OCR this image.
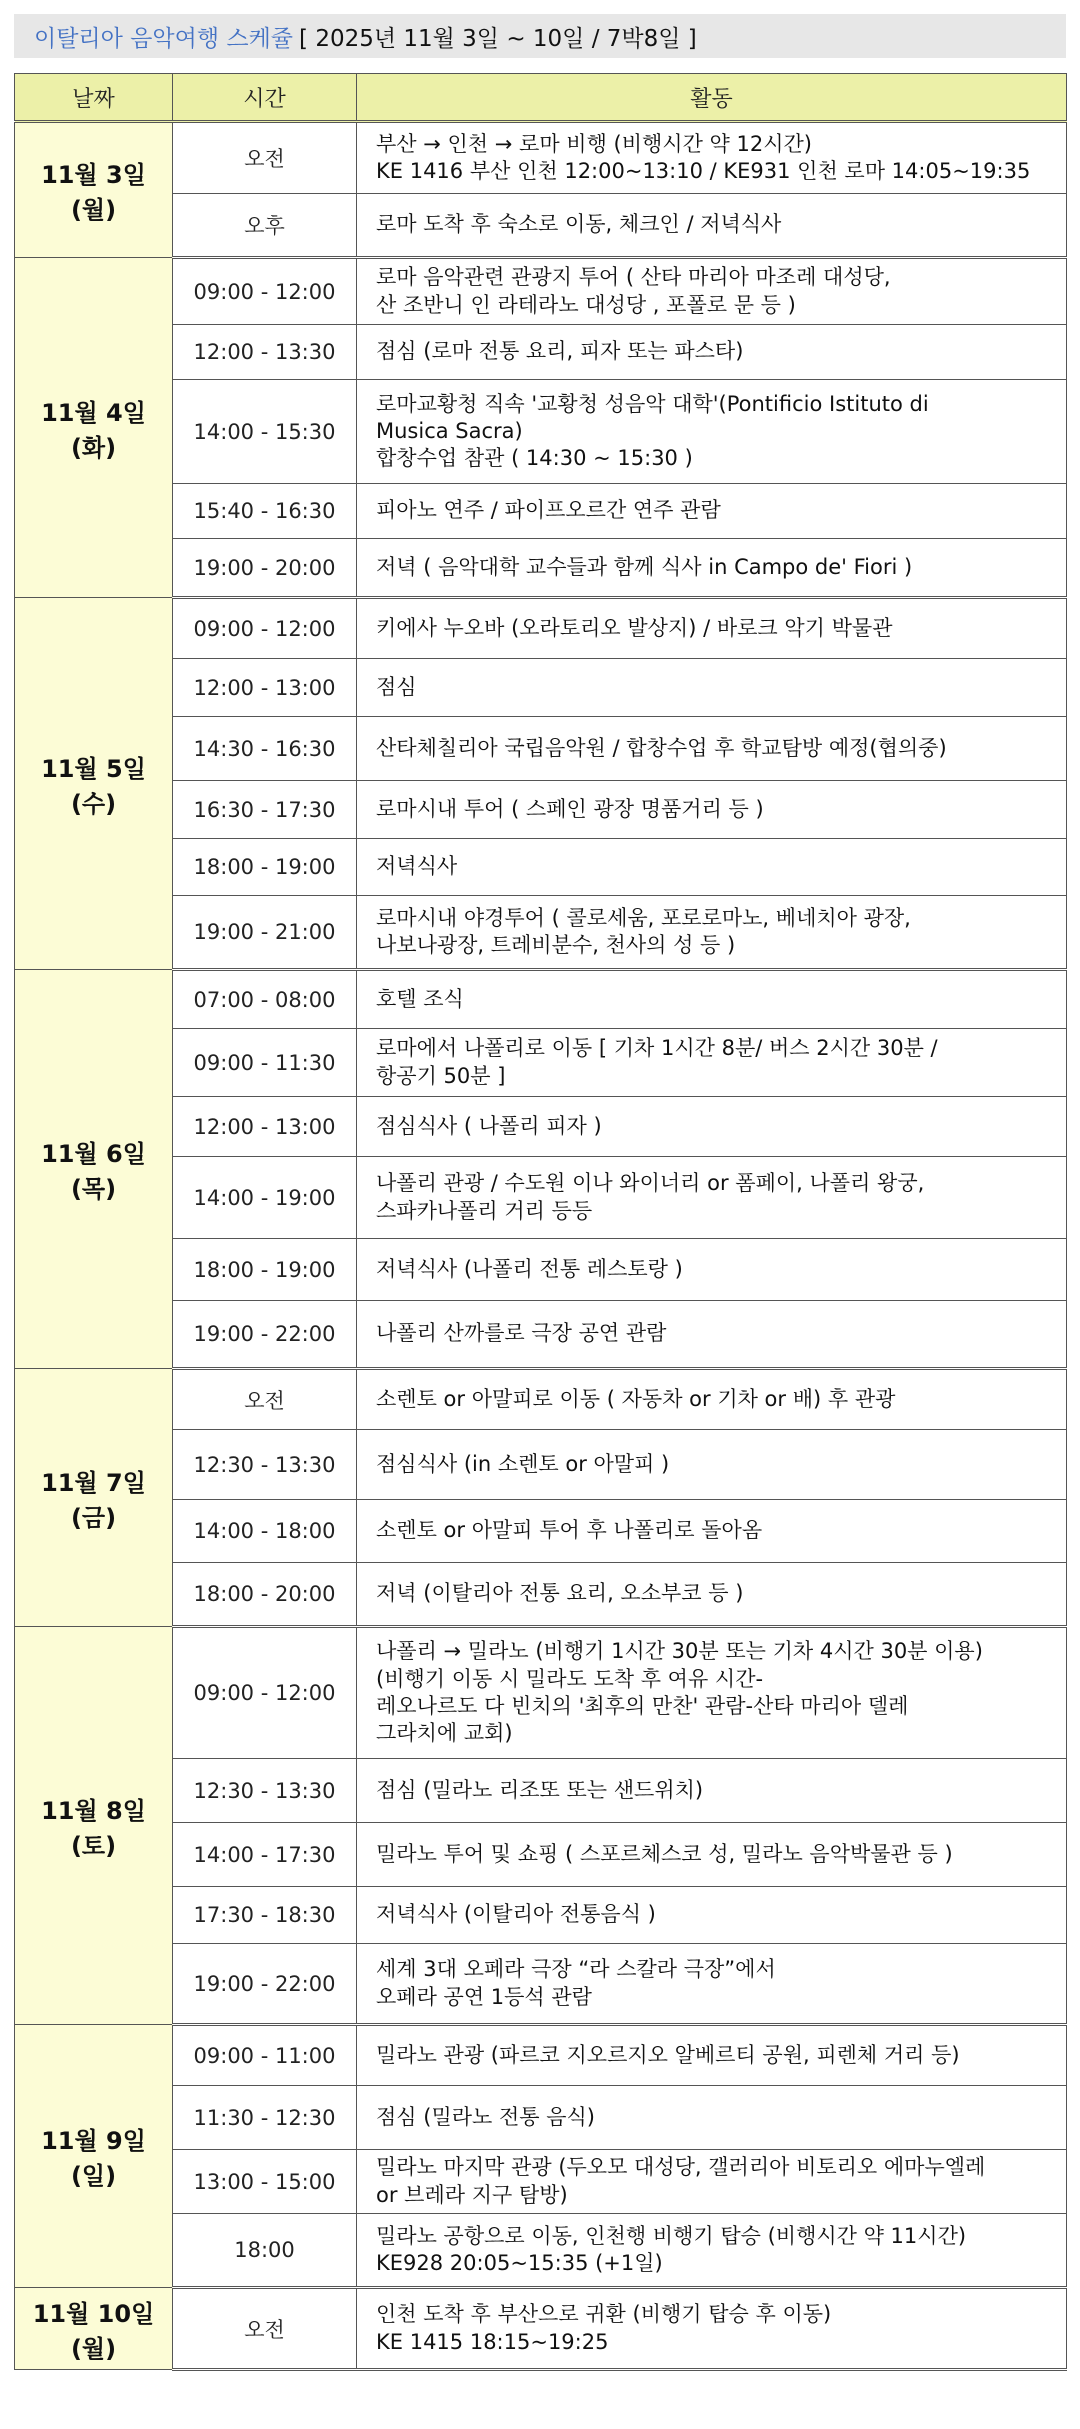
이탈리아 음악여행 스케쥴 [ 2025년 11월 3일 ~ 10일 / 7박8일 ]
날짜	시간	활동
11월 3일 (월)	오전	부산 → 인천 → 로마 비행 (비행시간 약 12시간)
KE 1416 부산 인천 12:00~13:10 / KE931 인천 로마 14:05~19:35

	오후	로마 도착 후 숙소로 이동, 체크인 / 저녁식사

11월 4일 (화)	09:00 - 12:00	로마 음악관련 관광지 투어 ( 산타 마리아 마조레 대성당,
산 조반니 인 라테라노 대성당 , 포폴로 문 등 )

	12:00 - 13:30	점심 (로마 전통 요리, 피자 또는 파스타)

	14:00 - 15:30	로마교황청 직속 '교황청 성음악 대학'(Pontificio Istituto di
Musica Sacra)
합창수업 참관 ( 14:30 ~ 15:30 )

	15:40 - 16:30	피아노 연주 / 파이프오르간 연주 관람

	19:00 - 20:00	저녁 ( 음악대학 교수들과 함께 식사 in Campo de' Fiori )

11월 5일 (수)	09:00 - 12:00	키에사 누오바 (오라토리오 발상지) / 바로크 악기 박물관

	12:00 - 13:00	점심

	14:30 - 16:30	산타체칠리아 국립음악원 / 합창수업 후 학교탐방 예정(협의중)

	16:30 - 17:30	로마시내 투어 ( 스페인 광장 명품거리 등 )

	18:00 - 19:00	저녁식사

	19:00 - 21:00	로마시내 야경투어 ( 콜로세움, 포로로마노, 베네치아 광장,
나보나광장, 트레비분수, 천사의 성 등 )

11월 6일 (목)	07:00 - 08:00	호텔 조식

	09:00 - 11:30	로마에서 나폴리로 이동 [ 기차 1시간 8분/ 버스 2시간 30분 /
항공기 50분 ]

	12:00 - 13:00	점심식사 ( 나폴리 피자 )

	14:00 - 19:00	나폴리 관광 / 수도원 이나 와이너리 or 폼페이, 나폴리 왕궁,
스파카나폴리 거리 등등

	18:00 - 19:00	저녁식사 (나폴리 전통 레스토랑 )

	19:00 - 22:00	나폴리 산까를로 극장 공연 관람

11월 7일 (금)	오전	소렌토 or 아말피로 이동 ( 자동차 or 기차 or 배) 후 관광

	12:30 - 13:30	점심식사 (in 소렌토 or 아말피 )

	14:00 - 18:00	소렌토 or 아말피 투어 후 나폴리로 돌아옴

	18:00 - 20:00	저녁 (이탈리아 전통 요리, 오소부코 등 )

11월 8일 (토)	09:00 - 12:00	나폴리 → 밀라노 (비행기 1시간 30분 또는 기차 4시간 30분 이용)
(비행기 이동 시 밀라도 도착 후 여유 시간-
레오나르도 다 빈치의 '최후의 만찬' 관람-산타 마리아 델레
그라치에 교회)

	12:30 - 13:30	점심 (밀라노 리조또 또는 샌드위치)

	14:00 - 17:30	밀라노 투어 및 쇼핑 ( 스포르체스코 성, 밀라노 음악박물관 등 )

	17:30 - 18:30	저녁식사 (이탈리아 전통음식 )

	19:00 - 22:00	세계 3대 오페라 극장 “라 스칼라 극장”에서
오페라 공연 1등석 관람

11월 9일 (일)	09:00 - 11:00	밀라노 관광 (파르코 지오르지오 알베르티 공원, 피렌체 거리 등)

	11:30 - 12:30	점심 (밀라노 전통 음식)

	13:00 - 15:00	밀라노 마지막 관광 (두오모 대성당, 갤러리아 비토리오 에마누엘레
or 브레라 지구 탐방)

	18:00	밀라노 공항으로 이동, 인천행 비행기 탑승 (비행시간 약 11시간)
KE928 20:05~15:35 (+1일)

11월 10일 (월)	오전	인천 도착 후 부산으로 귀환 (비행기 탑승 후 이동)
KE 1415 18:15~19:25
